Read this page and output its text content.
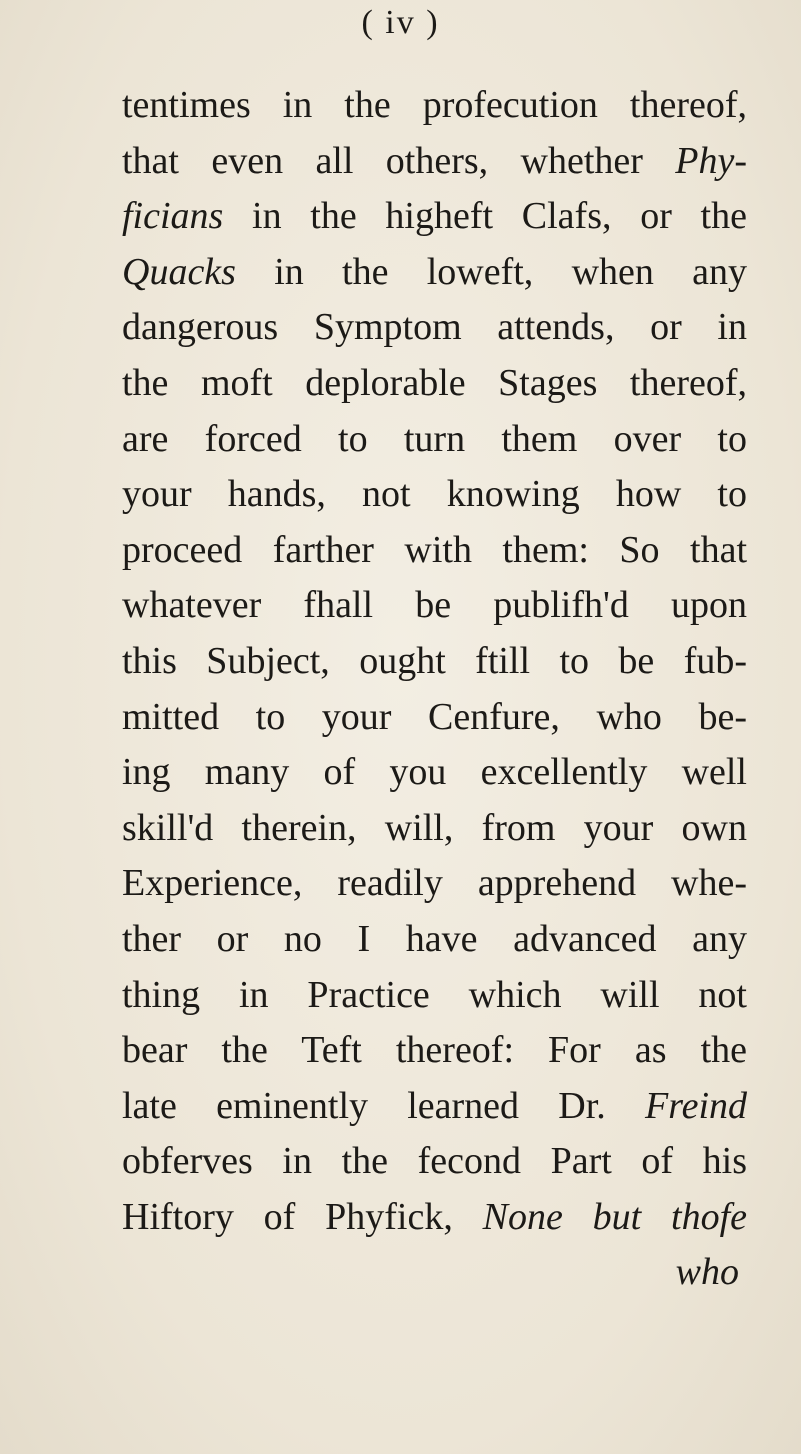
( iv )
tentimes in the profecution thereof,
that even all others, whether Phy-
ficians in the higheft Clafs, or the
Quacks in the loweft, when any
dangerous Symptom attends, or in
the moft deplorable Stages thereof,
are forced to turn them over to
your hands, not knowing how to
proceed farther with them: So that
whatever fhall be publifh'd upon
this Subject, ought ftill to be fub-
mitted to your Cenfure, who be-
ing many of you excellently well
skill'd therein, will, from your own
Experience, readily apprehend whe-
ther or no I have advanced any
thing in Practice which will not
bear the Teft thereof: For as the
late eminently learned Dr. Freind
obferves in the fecond Part of his
Hiftory of Phyfick, None but thofe
who
